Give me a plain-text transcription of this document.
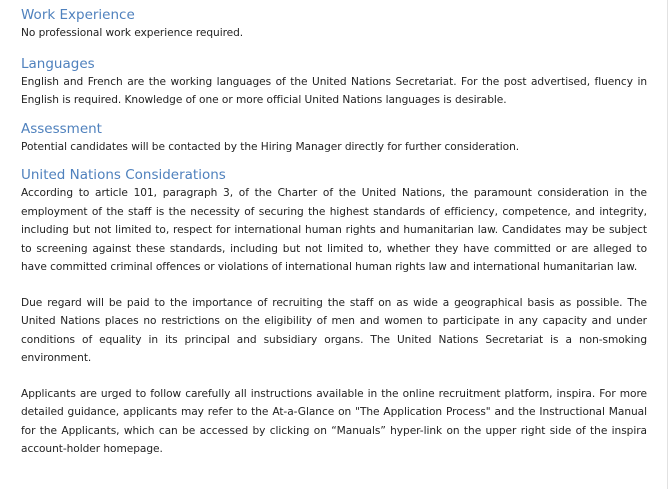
Work Experience

No professional work experience required.

Languages

English and French are the working languages of the United Nations Secretariat. For the post advertised, fluency in English is required. Knowledge of one or more official United Nations languages is desirable.

Assessment

Potential candidates will be contacted by the Hiring Manager directly for further consideration.

United Nations Considerations

According to article 101, paragraph 3, of the Charter of the United Nations, the paramount consideration in the employment of the staff is the necessity of securing the highest standards of efficiency, competence, and integrity, including but not limited to, respect for international human rights and humanitarian law. Candidates may be subject to screening against these standards, including but not limited to, whether they have committed or are alleged to have committed criminal offences or violations of international human rights law and international humanitarian law.

Due regard will be paid to the importance of recruiting the staff on as wide a geographical basis as possible. The United Nations places no restrictions on the eligibility of men and women to participate in any capacity and under conditions of equality in its principal and subsidiary organs. The United Nations Secretariat is a non-smoking environment.

Applicants are urged to follow carefully all instructions available in the online recruitment platform, inspira. For more detailed guidance, applicants may refer to the At-a-Glance on "The Application Process" and the Instructional Manual for the Applicants, which can be accessed by clicking on “Manuals” hyper-link on the upper right side of the inspira account-holder homepage.
